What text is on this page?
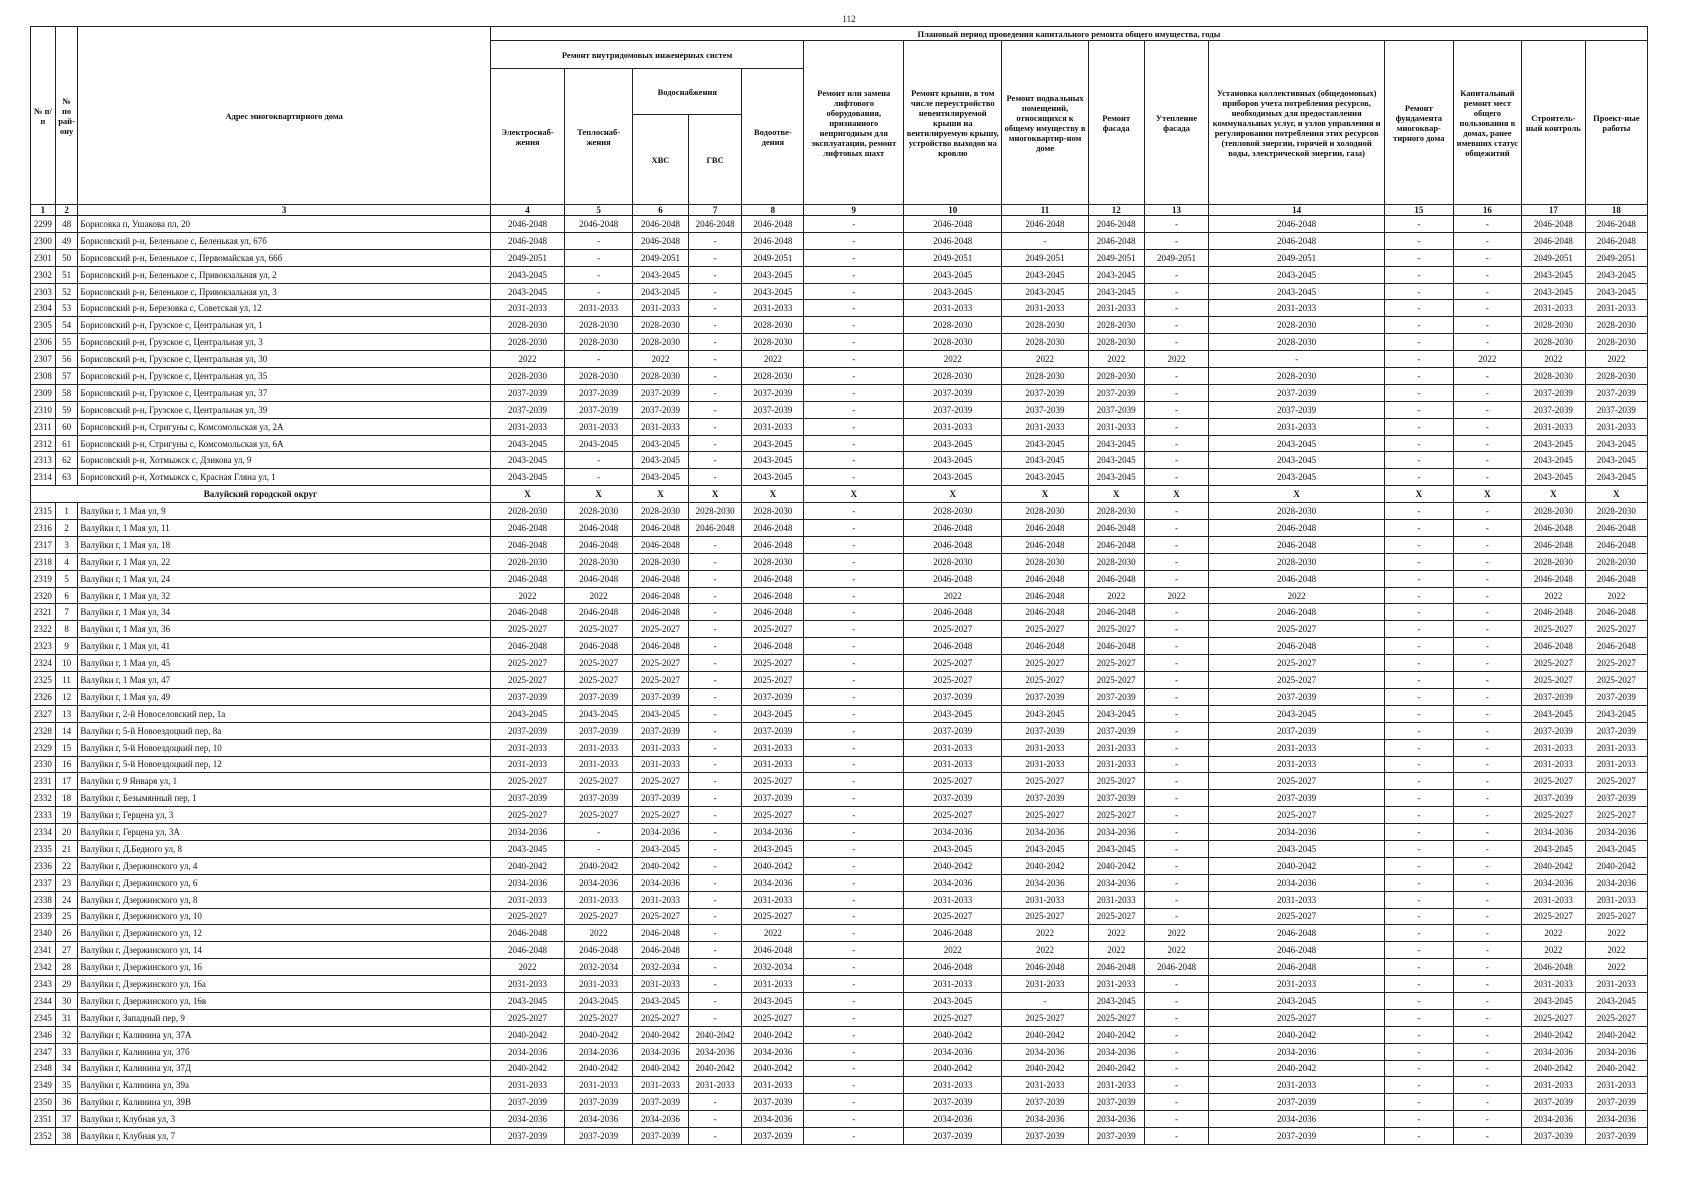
112
№ п/п	№ по рай-ону	Адрес многоквартирного дома	Плановый период проведения капитального ремонта общего имущества, годы														
			Ремонт внутридомовых инженерных систем					Ремонт или замена лифтового оборудования, признанного непригодным для эксплуатации, ремонт лифтовых шахт	Ремонт крыши, в том числе переустройство невентилируемой крыши на вентилируемую крышу, устройство выходов на кровлю	Ремонт подвальных помещений, относящихся к общему имуществу в многоквартир-ном доме	Ремонт фасада	Утепление фасада	Установка коллективных (общедомовых) приборов учета потребления ресурсов, необходимых для предоставления коммунальных услуг, и узлов управления и регулирования потребления этих ресурсов (тепловой энергии, горячей и холодной воды, электрической энергии, газа)	Ремонт фундамента многоквар-тирного дома	Капитальный ремонт мест общего пользования в домах, ранее имевших статус общежитий	Строитель-ный контроль	Проект-ные работы
			Электроснаб-жения	Теплоснаб-жения	Водоснабжения		Водоотве-дения										
					ХВС	ГВС											
1	2	3	4	5	6	7	8	9	10	11	12	13	14	15	16	17	18
2299	48	Борисовка п, Ушакова пл, 20	2046-2048	2046-2048	2046-2048	2046-2048	2046-2048	-	2046-2048	2046-2048	2046-2048	-	2046-2048	-	-	2046-2048	2046-2048
2300	49	Борисовский р-н, Беленькое с, Беленькая ул, 67б	2046-2048	-	2046-2048	-	2046-2048	-	2046-2048	-	2046-2048	-	2046-2048	-	-	2046-2048	2046-2048
2301	50	Борисовский р-н, Беленькое с, Первомайская ул, 66б	2049-2051	-	2049-2051	-	2049-2051	-	2049-2051	2049-2051	2049-2051	2049-2051	2049-2051	-	-	2049-2051	2049-2051
2302	51	Борисовский р-н, Беленькое с, Привокзальная ул, 2	2043-2045	-	2043-2045	-	2043-2045	-	2043-2045	2043-2045	2043-2045	-	2043-2045	-	-	2043-2045	2043-2045
2303	52	Борисовский р-н, Беленькое с, Привокзальная ул, 3	2043-2045	-	2043-2045	-	2043-2045	-	2043-2045	2043-2045	2043-2045	-	2043-2045	-	-	2043-2045	2043-2045
2304	53	Борисовский р-н, Березовка с, Советская ул, 12	2031-2033	2031-2033	2031-2033	-	2031-2033	-	2031-2033	2031-2033	2031-2033	-	2031-2033	-	-	2031-2033	2031-2033
2305	54	Борисовский р-н, Грузское с, Центральная ул, 1	2028-2030	2028-2030	2028-2030	-	2028-2030	-	2028-2030	2028-2030	2028-2030	-	2028-2030	-	-	2028-2030	2028-2030
2306	55	Борисовский р-н, Грузское с, Центральная ул, 3	2028-2030	2028-2030	2028-2030	-	2028-2030	-	2028-2030	2028-2030	2028-2030	-	2028-2030	-	-	2028-2030	2028-2030
2307	56	Борисовский р-н, Грузское с, Центральная ул, 30	2022	-	2022	-	2022	-	2022	2022	2022	2022	-	-	2022	2022	2022
2308	57	Борисовский р-н, Грузское с, Центральная ул, 35	2028-2030	2028-2030	2028-2030	-	2028-2030	-	2028-2030	2028-2030	2028-2030	-	2028-2030	-	-	2028-2030	2028-2030
2309	58	Борисовский р-н, Грузское с, Центральная ул, 37	2037-2039	2037-2039	2037-2039	-	2037-2039	-	2037-2039	2037-2039	2037-2039	-	2037-2039	-	-	2037-2039	2037-2039
2310	59	Борисовский р-н, Грузское с, Центральная ул, 39	2037-2039	2037-2039	2037-2039	-	2037-2039	-	2037-2039	2037-2039	2037-2039	-	2037-2039	-	-	2037-2039	2037-2039
2311	60	Борисовский р-н, Стригуны с, Комсомольская ул, 2А	2031-2033	2031-2033	2031-2033	-	2031-2033	-	2031-2033	2031-2033	2031-2033	-	2031-2033	-	-	2031-2033	2031-2033
2312	61	Борисовский р-н, Стригуны с, Комсомольская ул, 6А	2043-2045	2043-2045	2043-2045	-	2043-2045	-	2043-2045	2043-2045	2043-2045	-	2043-2045	-	-	2043-2045	2043-2045
2313	62	Борисовский р-н, Хотмыжск с, Дзикова ул, 9	2043-2045	-	2043-2045	-	2043-2045	-	2043-2045	2043-2045	2043-2045	-	2043-2045	-	-	2043-2045	2043-2045
2314	63	Борисовский р-н, Хотмыжск с, Красная Гляна ул, 1	2043-2045	-	2043-2045	-	2043-2045	-	2043-2045	2043-2045	2043-2045	-	2043-2045	-	-	2043-2045	2043-2045
Валуйский городской округ			X	X	X	X	X	X	X	X	X	X	X	X	X	X	X
2315	1	Валуйки г, 1 Мая ул, 9	2028-2030	2028-2030	2028-2030	2028-2030	2028-2030	-	2028-2030	2028-2030	2028-2030	-	2028-2030	-	-	2028-2030	2028-2030
2316	2	Валуйки г, 1 Мая ул, 11	2046-2048	2046-2048	2046-2048	2046-2048	2046-2048	-	2046-2048	2046-2048	2046-2048	-	2046-2048	-	-	2046-2048	2046-2048
2317	3	Валуйки г, 1 Мая ул, 18	2046-2048	2046-2048	2046-2048	-	2046-2048	-	2046-2048	2046-2048	2046-2048	-	2046-2048	-	-	2046-2048	2046-2048
2318	4	Валуйки г, 1 Мая ул, 22	2028-2030	2028-2030	2028-2030	-	2028-2030	-	2028-2030	2028-2030	2028-2030	-	2028-2030	-	-	2028-2030	2028-2030
2319	5	Валуйки г, 1 Мая ул, 24	2046-2048	2046-2048	2046-2048	-	2046-2048	-	2046-2048	2046-2048	2046-2048	-	2046-2048	-	-	2046-2048	2046-2048
2320	6	Валуйки г, 1 Мая ул, 32	2022	2022	2046-2048	-	2046-2048	-	2022	2046-2048	2022	2022	2022	-	-	2022	2022
2321	7	Валуйки г, 1 Мая ул, 34	2046-2048	2046-2048	2046-2048	-	2046-2048	-	2046-2048	2046-2048	2046-2048	-	2046-2048	-	-	2046-2048	2046-2048
2322	8	Валуйки г, 1 Мая ул, 36	2025-2027	2025-2027	2025-2027	-	2025-2027	-	2025-2027	2025-2027	2025-2027	-	2025-2027	-	-	2025-2027	2025-2027
2323	9	Валуйки г, 1 Мая ул, 41	2046-2048	2046-2048	2046-2048	-	2046-2048	-	2046-2048	2046-2048	2046-2048	-	2046-2048	-	-	2046-2048	2046-2048
2324	10	Валуйки г, 1 Мая ул, 45	2025-2027	2025-2027	2025-2027	-	2025-2027	-	2025-2027	2025-2027	2025-2027	-	2025-2027	-	-	2025-2027	2025-2027
2325	11	Валуйки г, 1 Мая ул, 47	2025-2027	2025-2027	2025-2027	-	2025-2027	-	2025-2027	2025-2027	2025-2027	-	2025-2027	-	-	2025-2027	2025-2027
2326	12	Валуйки г, 1 Мая ул, 49	2037-2039	2037-2039	2037-2039	-	2037-2039	-	2037-2039	2037-2039	2037-2039	-	2037-2039	-	-	2037-2039	2037-2039
2327	13	Валуйки г, 2-й Новоселовский пер, 1а	2043-2045	2043-2045	2043-2045	-	2043-2045	-	2043-2045	2043-2045	2043-2045	-	2043-2045	-	-	2043-2045	2043-2045
2328	14	Валуйки г, 5-й Новоездоцкий пер, 8а	2037-2039	2037-2039	2037-2039	-	2037-2039	-	2037-2039	2037-2039	2037-2039	-	2037-2039	-	-	2037-2039	2037-2039
2329	15	Валуйки г, 5-й Новоездоцкий пер, 10	2031-2033	2031-2033	2031-2033	-	2031-2033	-	2031-2033	2031-2033	2031-2033	-	2031-2033	-	-	2031-2033	2031-2033
2330	16	Валуйки г, 5-й Новоездоцкий пер, 12	2031-2033	2031-2033	2031-2033	-	2031-2033	-	2031-2033	2031-2033	2031-2033	-	2031-2033	-	-	2031-2033	2031-2033
2331	17	Валуйки г, 9 Января ул, 1	2025-2027	2025-2027	2025-2027	-	2025-2027	-	2025-2027	2025-2027	2025-2027	-	2025-2027	-	-	2025-2027	2025-2027
2332	18	Валуйки г, Безымянный пер, 1	2037-2039	2037-2039	2037-2039	-	2037-2039	-	2037-2039	2037-2039	2037-2039	-	2037-2039	-	-	2037-2039	2037-2039
2333	19	Валуйки г, Герцена ул, 3	2025-2027	2025-2027	2025-2027	-	2025-2027	-	2025-2027	2025-2027	2025-2027	-	2025-2027	-	-	2025-2027	2025-2027
2334	20	Валуйки г, Герцена ул, 3А	2034-2036	-	2034-2036	-	2034-2036	-	2034-2036	2034-2036	2034-2036	-	2034-2036	-	-	2034-2036	2034-2036
2335	21	Валуйки г, Д.Бедного ул, 8	2043-2045	-	2043-2045	-	2043-2045	-	2043-2045	2043-2045	2043-2045	-	2043-2045	-	-	2043-2045	2043-2045
2336	22	Валуйки г, Дзержинского ул, 4	2040-2042	2040-2042	2040-2042	-	2040-2042	-	2040-2042	2040-2042	2040-2042	-	2040-2042	-	-	2040-2042	2040-2042
2337	23	Валуйки г, Дзержинского ул, 6	2034-2036	2034-2036	2034-2036	-	2034-2036	-	2034-2036	2034-2036	2034-2036	-	2034-2036	-	-	2034-2036	2034-2036
2338	24	Валуйки г, Дзержинского ул, 8	2031-2033	2031-2033	2031-2033	-	2031-2033	-	2031-2033	2031-2033	2031-2033	-	2031-2033	-	-	2031-2033	2031-2033
2339	25	Валуйки г, Дзержинского ул, 10	2025-2027	2025-2027	2025-2027	-	2025-2027	-	2025-2027	2025-2027	2025-2027	-	2025-2027	-	-	2025-2027	2025-2027
2340	26	Валуйки г, Дзержинского ул, 12	2046-2048	2022	2046-2048	-	2022	-	2046-2048	2022	2022	2022	2046-2048	-	-	2022	2022
2341	27	Валуйки г, Дзержинского ул, 14	2046-2048	2046-2048	2046-2048	-	2046-2048	-	2022	2022	2022	2022	2046-2048	-	-	2022	2022
2342	28	Валуйки г, Дзержинского ул, 16	2022	2032-2034	2032-2034	-	2032-2034	-	2046-2048	2046-2048	2046-2048	2046-2048	2046-2048	-	-	2046-2048	2022
2343	29	Валуйки г, Дзержинского ул, 16а	2031-2033	2031-2033	2031-2033	-	2031-2033	-	2031-2033	2031-2033	2031-2033	-	2031-2033	-	-	2031-2033	2031-2033
2344	30	Валуйки г, Дзержинского ул, 16в	2043-2045	2043-2045	2043-2045	-	2043-2045	-	2043-2045	-	2043-2045	-	2043-2045	-	-	2043-2045	2043-2045
2345	31	Валуйки г, Западный пер, 9	2025-2027	2025-2027	2025-2027	-	2025-2027	-	2025-2027	2025-2027	2025-2027	-	2025-2027	-	-	2025-2027	2025-2027
2346	32	Валуйки г, Калинина ул, 37А	2040-2042	2040-2042	2040-2042	2040-2042	2040-2042	-	2040-2042	2040-2042	2040-2042	-	2040-2042	-	-	2040-2042	2040-2042
2347	33	Валуйки г, Калинина ул, 37б	2034-2036	2034-2036	2034-2036	2034-2036	2034-2036	-	2034-2036	2034-2036	2034-2036	-	2034-2036	-	-	2034-2036	2034-2036
2348	34	Валуйки г, Калинина ул, 37Д	2040-2042	2040-2042	2040-2042	2040-2042	2040-2042	-	2040-2042	2040-2042	2040-2042	-	2040-2042	-	-	2040-2042	2040-2042
2349	35	Валуйки г, Калинина ул, 39а	2031-2033	2031-2033	2031-2033	2031-2033	2031-2033	-	2031-2033	2031-2033	2031-2033	-	2031-2033	-	-	2031-2033	2031-2033
2350	36	Валуйки г, Калинина ул, 39В	2037-2039	2037-2039	2037-2039	-	2037-2039	-	2037-2039	2037-2039	2037-2039	-	2037-2039	-	-	2037-2039	2037-2039
2351	37	Валуйки г, Клубная ул, 3	2034-2036	2034-2036	2034-2036	-	2034-2036	-	2034-2036	2034-2036	2034-2036	-	2034-2036	-	-	2034-2036	2034-2036
2352	38	Валуйки г, Клубная ул, 7	2037-2039	2037-2039	2037-2039	-	2037-2039	-	2037-2039	2037-2039	2037-2039	-	2037-2039	-	-	2037-2039	2037-2039
